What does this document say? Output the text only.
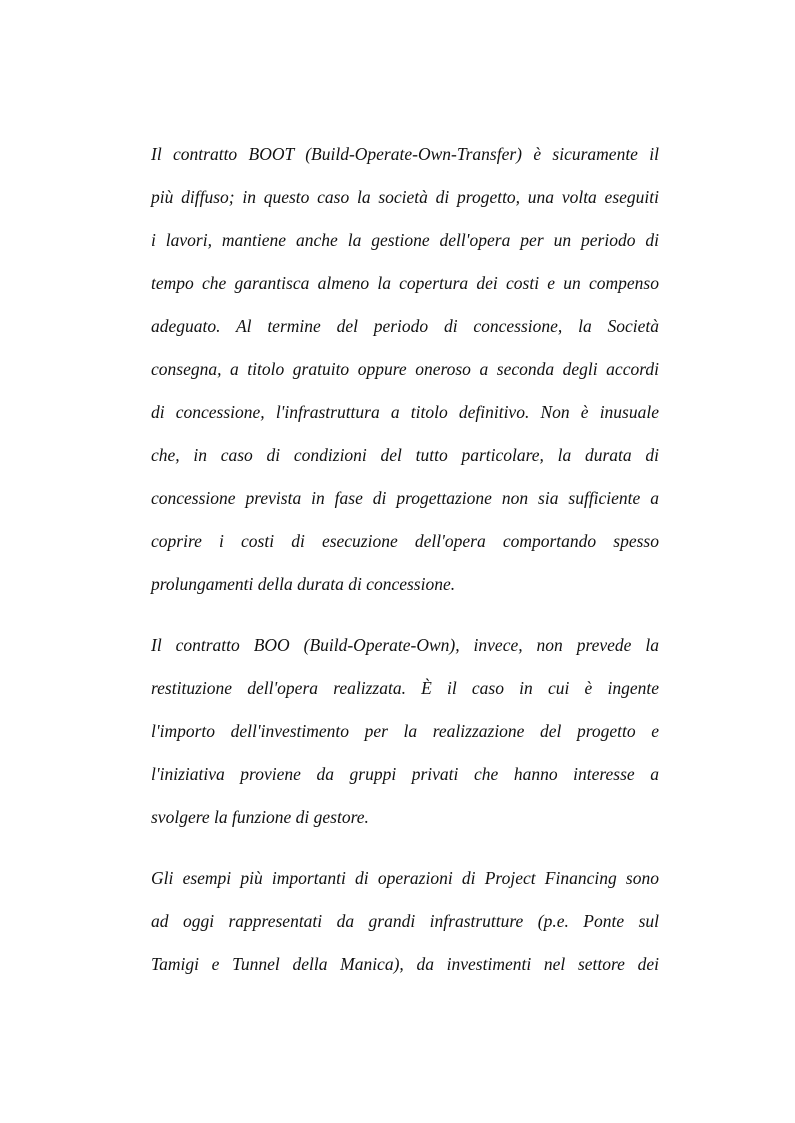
Il contratto BOOT (Build-Operate-Own-Transfer) è sicuramente il
più diffuso; in questo caso la società di progetto, una volta eseguiti
i lavori, mantiene anche la gestione dell'opera per un periodo di
tempo che garantisca almeno la copertura dei costi e un compenso
adeguato. Al termine del periodo di concessione, la Società
consegna, a titolo gratuito oppure oneroso a seconda degli accordi
di concessione, l'infrastruttura a titolo definitivo. Non è inusuale
che, in caso di condizioni del tutto particolare, la durata di
concessione prevista in fase di progettazione non sia sufficiente a
coprire i costi di esecuzione dell'opera comportando spesso
prolungamenti della durata di concessione.
Il contratto BOO (Build-Operate-Own), invece, non prevede la
restituzione dell'opera realizzata. È il caso in cui è ingente
l'importo dell'investimento per la realizzazione del progetto e
l'iniziativa proviene da gruppi privati che hanno interesse a
svolgere la funzione di gestore.
Gli esempi più importanti di operazioni di Project Financing sono
ad oggi rappresentati da grandi infrastrutture (p.e. Ponte sul
Tamigi e Tunnel della Manica), da investimenti nel settore dei
